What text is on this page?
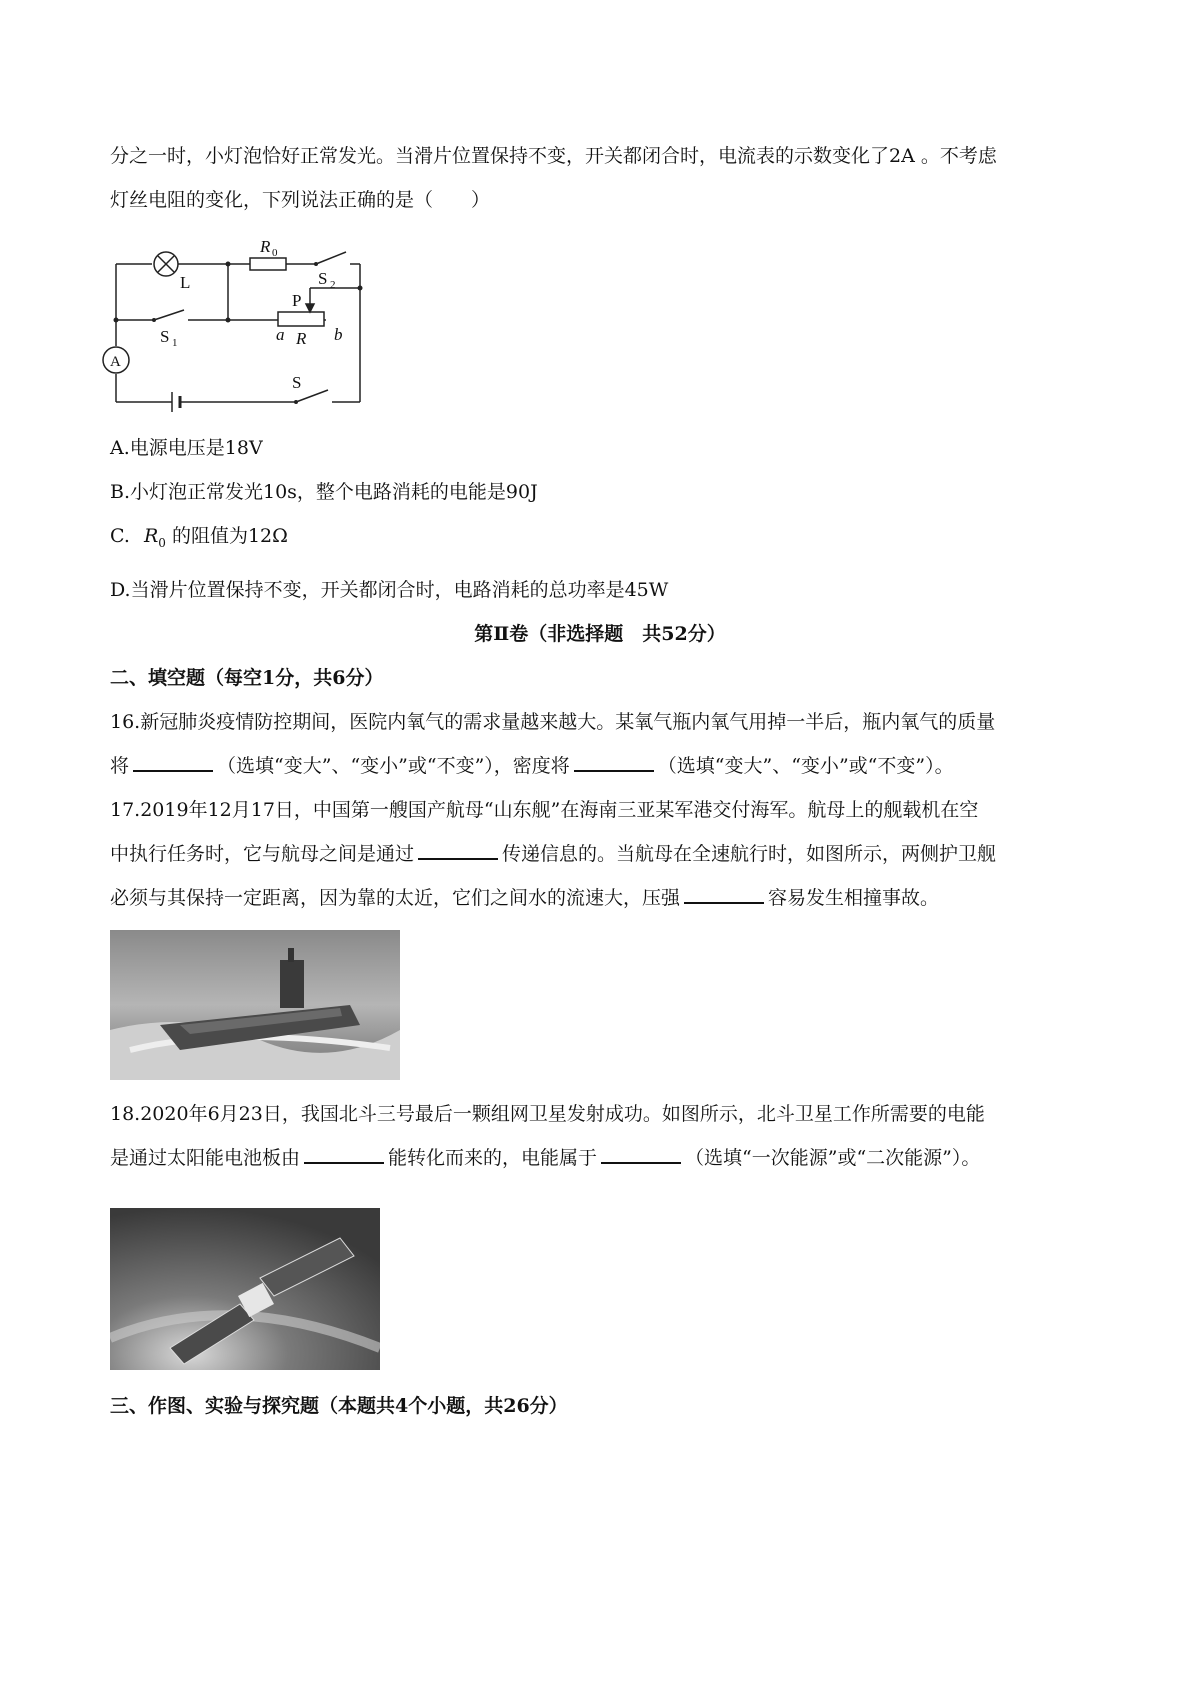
分之一时，小灯泡恰好正常发光。当滑片位置保持不变，开关都闭合时，电流表的示数变化了2A 。不考虑
灯丝电阻的变化，下列说法正确的是（　　）
R 0
S 2
L
P
S 1	a R b
A
S
A.电源电压是18V
B.小灯泡正常发光10s，整个电路消耗的电能是90J
C. $R_0$ 的阻值为12Ω
D.当滑片位置保持不变，开关都闭合时，电路消耗的总功率是45W
第Ⅱ卷（非选择题　共52分）
二、填空题（每空1分，共6分）
16.新冠肺炎疫情防控期间，医院内氧气的需求量越来越大。某氧气瓶内氧气用掉一半后，瓶内氧气的质量
将	（选填“变大”、“变小”或“不变”），密度将	（选填“变大”、“变小”或“不变”）。
17.2019年12月17日，中国第一艘国产航母“山东舰”在海南三亚某军港交付海军。航母上的舰载机在空
中执行任务时，它与航母之间是通过	传递信息的。当航母在全速航行时，如图所示，两侧护卫舰
必须与其保持一定距离，因为靠的太近，它们之间水的流速大，压强	容易发生相撞事故。
18.2020年6月23日，我国北斗三号最后一颗组网卫星发射成功。如图所示，北斗卫星工作所需要的电能
是通过太阳能电池板由	能转化而来的，电能属于	（选填“一次能源”或“二次能源”）。
三、作图、实验与探究题（本题共4个小题，共26分）
